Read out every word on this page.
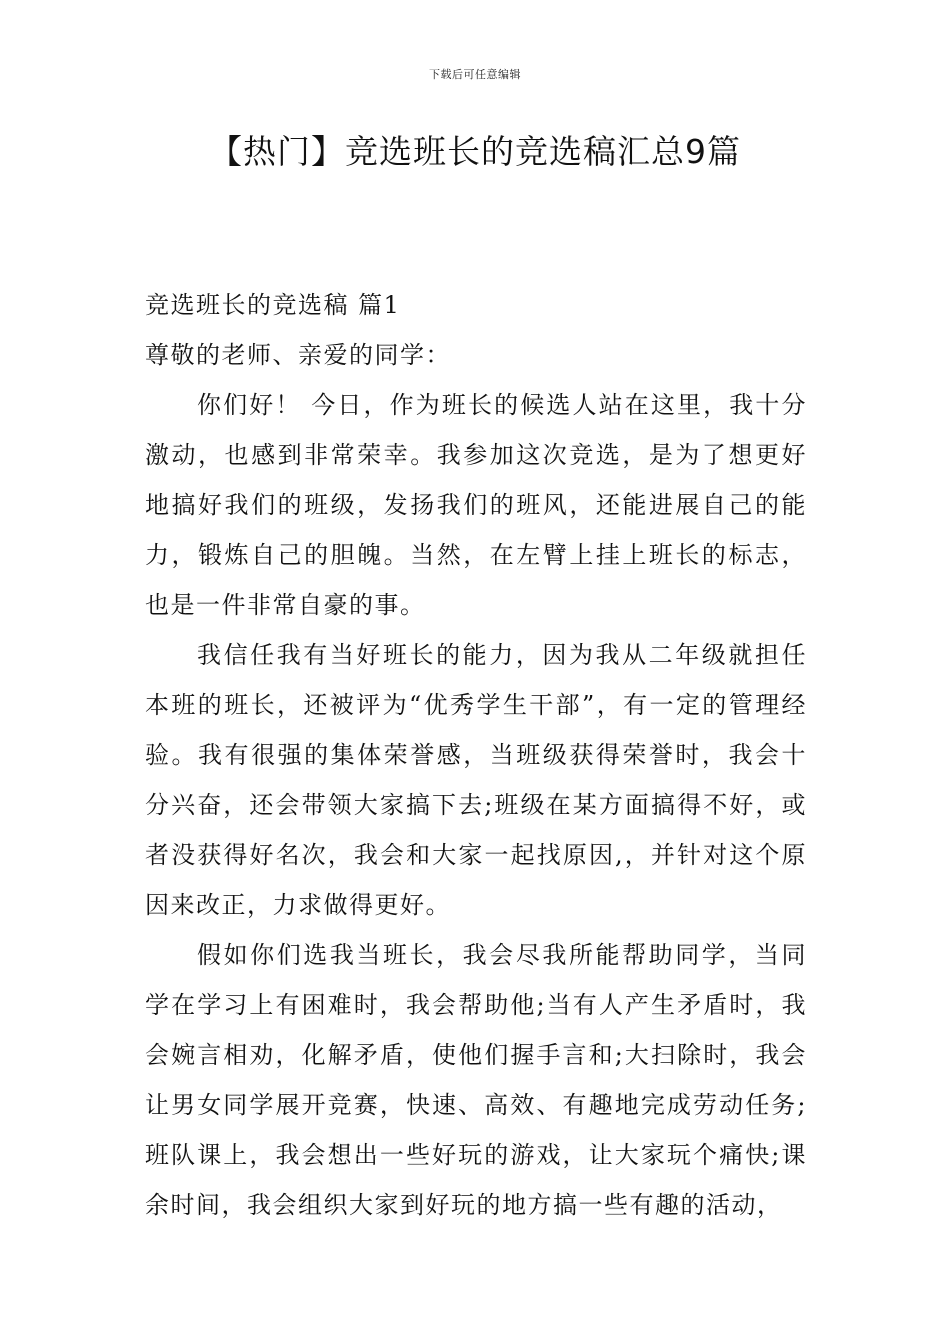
下载后可任意编辑
【热门】竞选班长的竞选稿汇总9篇
竞选班长的竞选稿 篇1

尊敬的老师、亲爱的同学：

你们好！ 今日，作为班长的候选人站在这里，我十分激动，也感到非常荣幸。我参加这次竞选，是为了想更好地搞好我们的班级，发扬我们的班风，还能进展自己的能力，锻炼自己的胆魄。当然，在左臂上挂上班长的标志，也是一件非常自豪的事。

我信任我有当好班长的能力，因为我从二年级就担任本班的班长，还被评为“优秀学生干部”，有一定的管理经验。我有很强的集体荣誉感，当班级获得荣誉时，我会十分兴奋，还会带领大家搞下去;班级在某方面搞得不好，或者没获得好名次，我会和大家一起找原因,，并针对这个原因来改正，力求做得更好。

假如你们选我当班长，我会尽我所能帮助同学，当同学在学习上有困难时，我会帮助他;当有人产生矛盾时，我会婉言相劝，化解矛盾，使他们握手言和;大扫除时，我会让男女同学展开竞赛，快速、高效、有趣地完成劳动任务;班队课上，我会想出一些好玩的游戏，让大家玩个痛快;课余时间，我会组织大家到好玩的地方搞一些有趣的活动，
